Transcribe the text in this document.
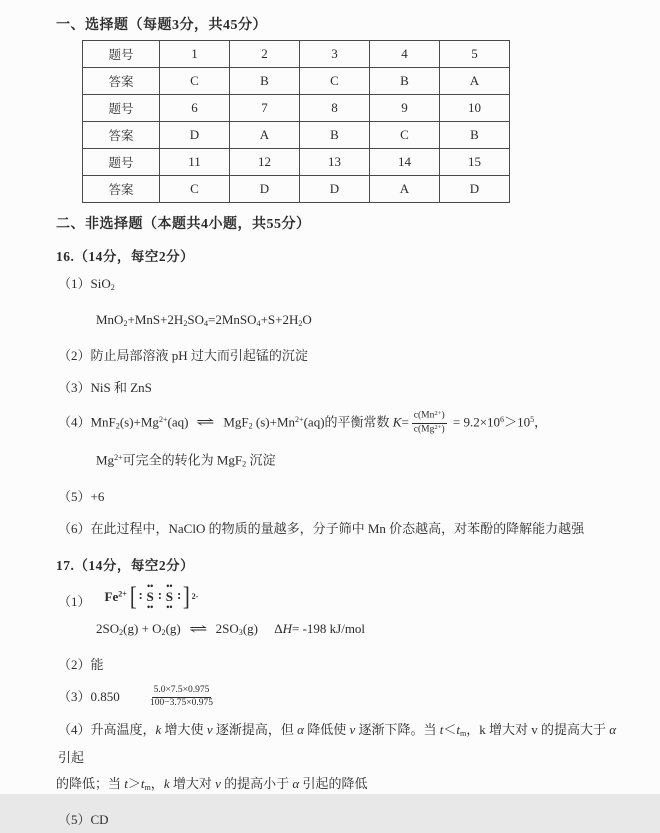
一、选择题（每题3分，共45分）
题号	1	2	3	4	5
答案	C	B	C	B	A
题号	6	7	8	9	10
答案	D	A	B	C	B
题号	11	12	13	14	15
答案	C	D	D	A	D
二、非选择题（本题共4小题，共55分）
16.（14分，每空2分）
（1）SiO$_2$
$MnO_2+MnS+2H_2SO_4=2MnSO_4+S+2H_2O$
（2）防止局部溶液 pH 过大而引起锰的沉淀
（3）NiS 和 ZnS
$(4)MnF_2(s)+Mg^{2+}(aq)$ ⇌ MgF$_2$ $(s)+Mn^{2+}(aq)$的平衡常数 $K= \frac{c(Mn^{2+})}{c(Mg^{2+})} = 9.2\times 10^6>10^5$，
$Mg^{2+}$可完全的转化为 MgF$_2$ 沉淀
（5）+6
（6）在此过程中，NaClO 的物质的量越多，分子筛中 Mn 价态越高，对苯酚的降解能力越强
17.（14分，每空2分）
（1） $Fe^{2+}$ [ : •• S •• : •• S •• : ] 2-
$2SO_2(g) + O_2(g)$ ⇌ $2SO_3(g)$　 ΔH= -198 kJ/mol
（2）能
（3）0.850	$\frac{5.0\times 7.5\times 0.975}{100-3.75\times 0.975}$
（4）升高温度，k 增大使 v 逐渐提高，但 α 降低使 v 逐渐下降。当 $t<t_m$，k 增大对 v 的提高大于 α 引起
的降低；当 $t>t_m$，k 增大对 v 的提高小于 α 引起的降低
（5）CD
